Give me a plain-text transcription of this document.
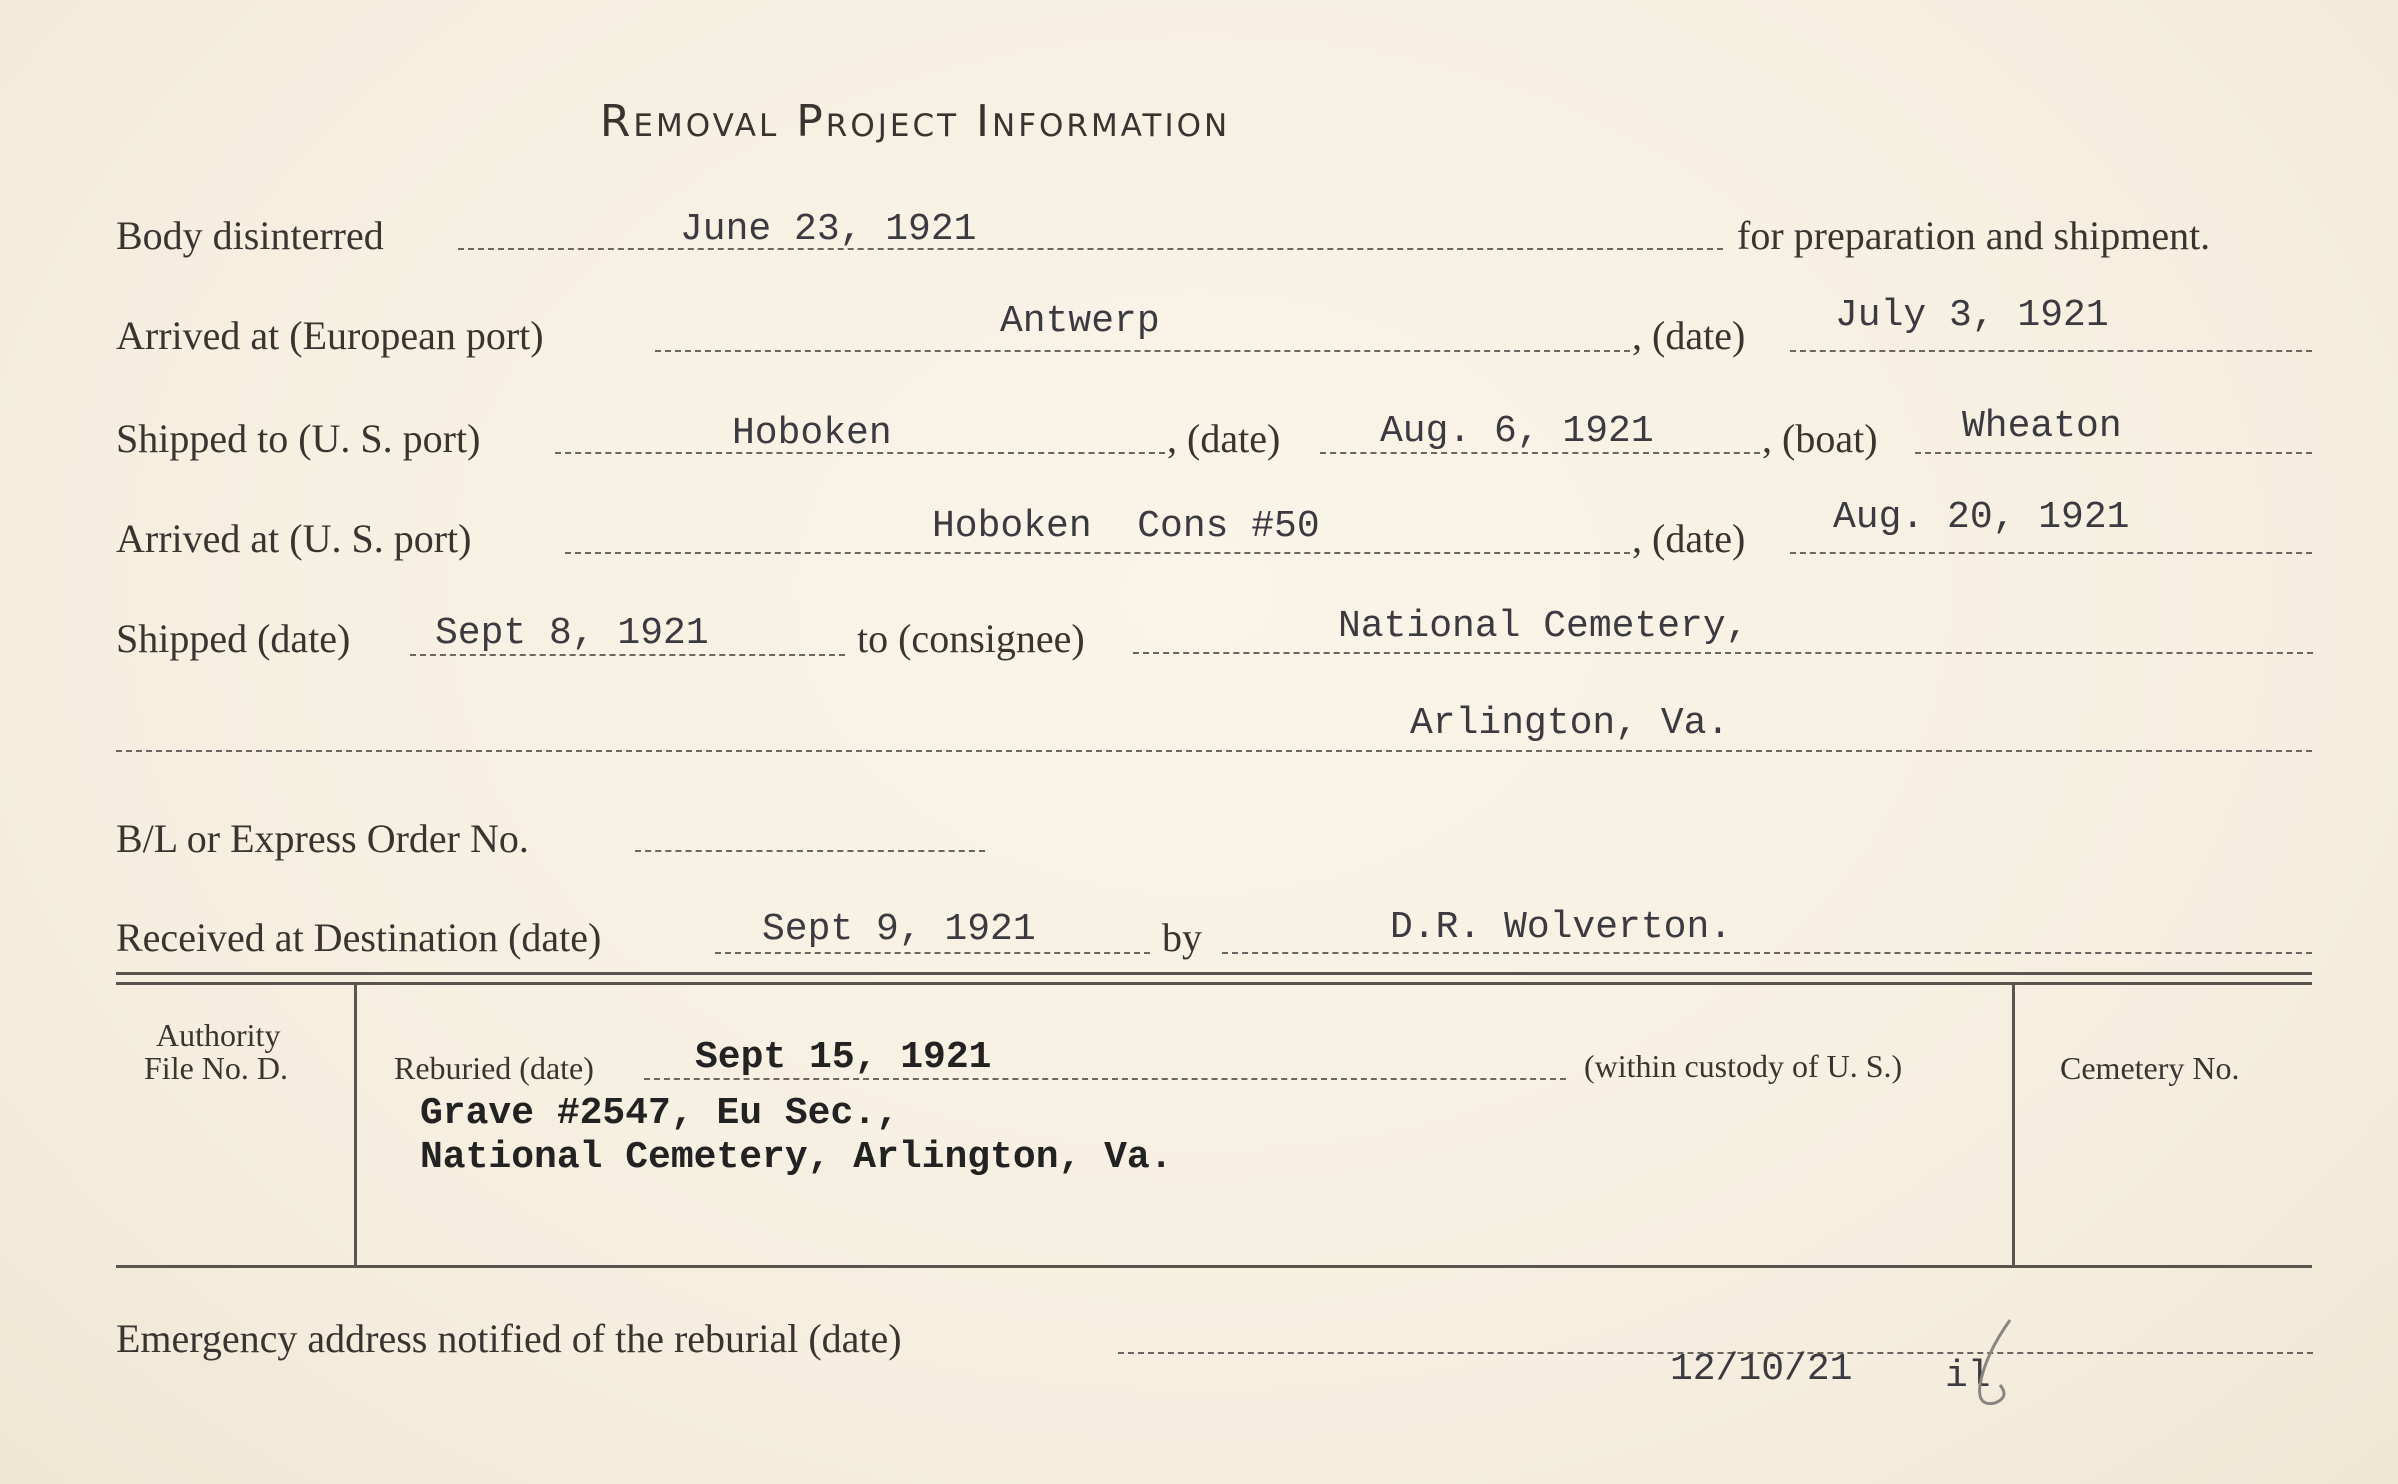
Removal Project Information
Body disinterred	June 23, 1921	for preparation and shipment.
Arrived at (European port)	Antwerp	, (date) July 3, 1921
Shipped to (U. S. port)	Hoboken	, (date)	Aug. 6, 1921	, (boat) Wheaton
Arrived at (U. S. port)	Hoboken  Cons #50	, (date) Aug. 20, 1921
Shipped (date) Sept 8, 1921	to (consignee)	National Cemetery,
Arlington, Va.
B/L or Express Order No.
Received at Destination (date)	Sept 9, 1921	by	D.R. Wolverton.
Authority
File No. D.	Reburied (date)	Sept 15, 1921	(within custody of U. S.)
Grave #2547, Eu Sec.,
National Cemetery, Arlington, Va.
Cemetery No.
Emergency address notified of the reburial (date)
12/10/21 il
